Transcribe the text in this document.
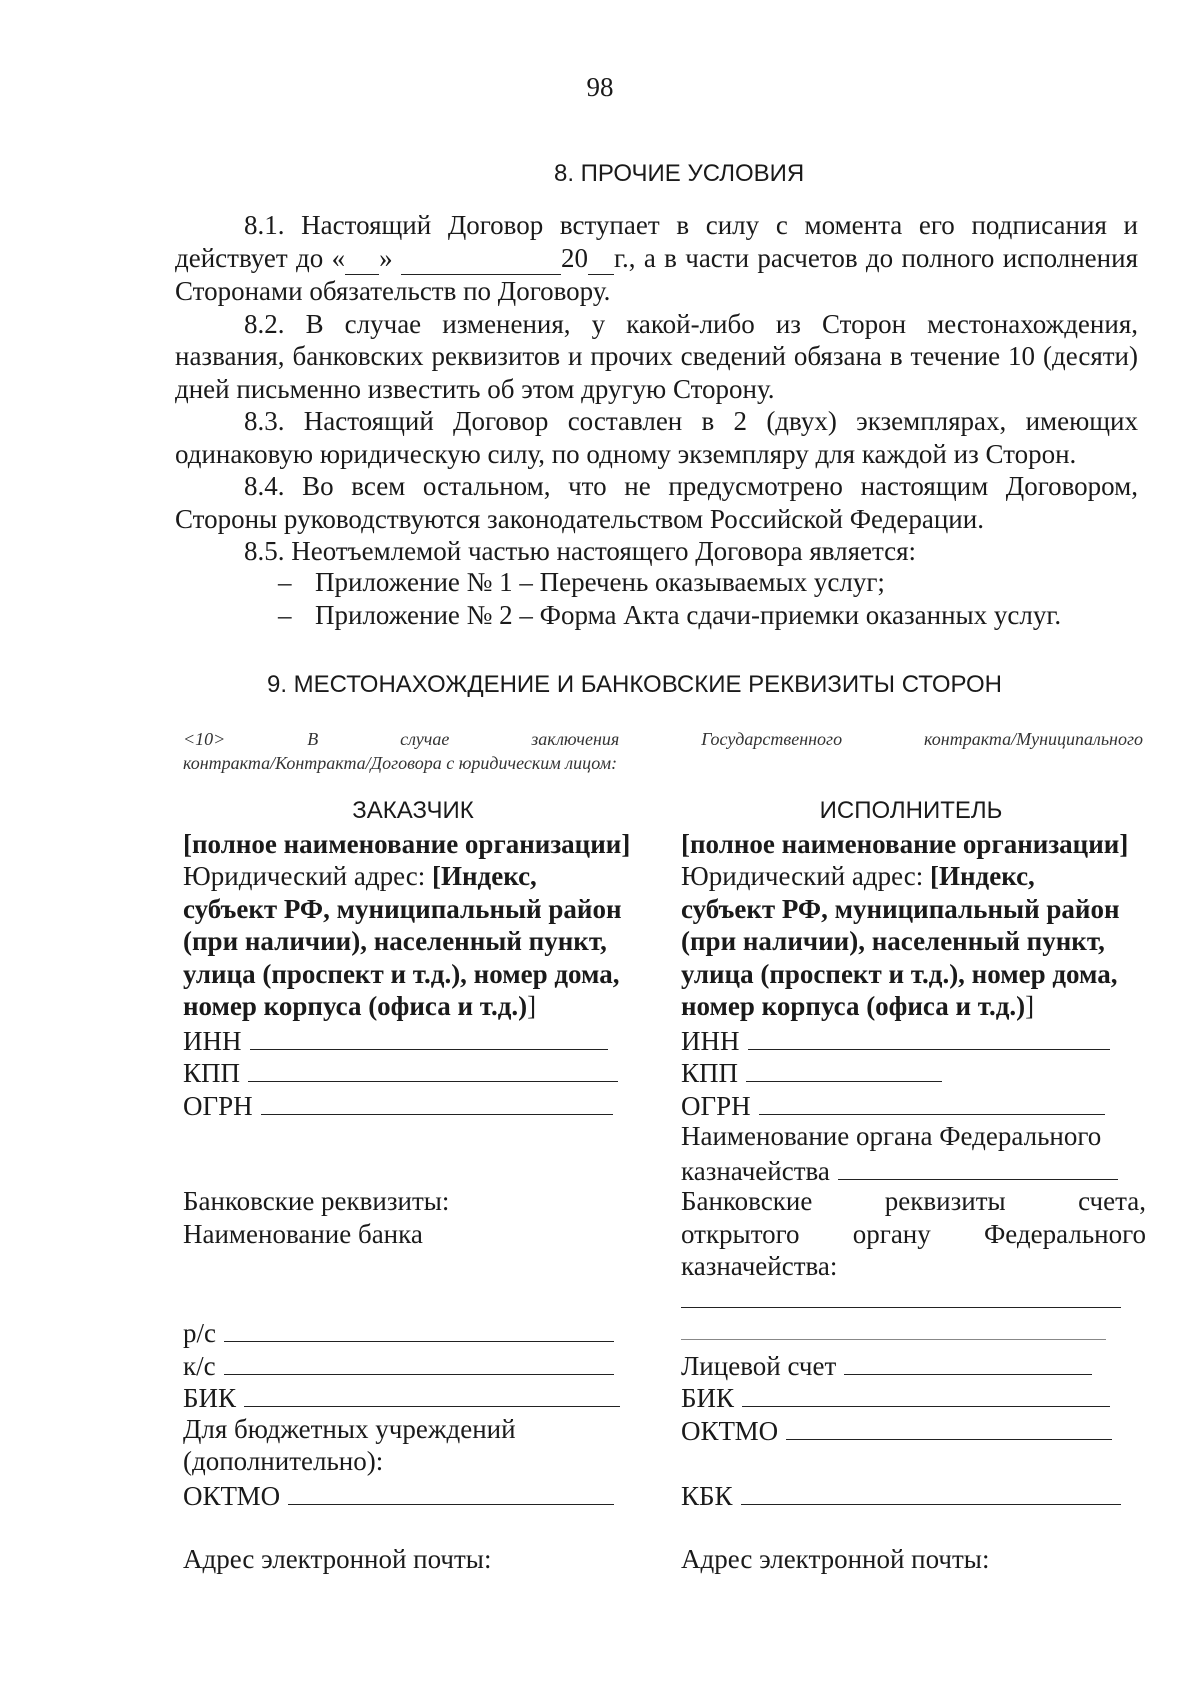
98
8. ПРОЧИЕ УСЛОВИЯ

8.1. Настоящий Договор вступает в силу с момента его подписания и действует до « »	20 г., а в части расчетов до полного исполнения Сторонами обязательств по Договору.

8.2. В случае изменения, у какой-либо из Сторон местонахождения, названия, банковских реквизитов и прочих сведений обязана в течение 10 (десяти) дней письменно известить об этом другую Сторону.

8.3. Настоящий Договор составлен в 2 (двух) экземплярах, имеющих одинаковую юридическую силу, по одному экземпляру для каждой из Сторон.

8.4. Во всем остальном, что не предусмотрено настоящим Договором, Стороны руководствуются законодательством Российской Федерации.

8.5. Неотъемлемой частью настоящего Договора является:

– Приложение № 1 – Перечень оказываемых услуг;
– Приложение № 2 – Форма Акта сдачи-приемки оказанных услуг.
9. МЕСТОНАХОЖДЕНИЕ И БАНКОВСКИЕ РЕКВИЗИТЫ СТОРОН
<10> В случае заключения Государственного контракта/Муниципального
контракта/Контракта/Договора с юридическим лицом:
ЗАКАЗЧИК
[полное наименование организации]
Юридический адрес: [Индекс,
субъект РФ, муниципальный район
(при наличии), населенный пункт,
улица (проспект и т.д.), номер дома,
номер корпуса (офиса и т.д.)]
ИНН
КПП
ОГРН
Банковские реквизиты:
Наименование банка
р/с
к/с
БИК
Для бюджетных учреждений
(дополнительно):
ОКТМО
Адрес электронной почты:
ИСПОЛНИТЕЛЬ
[полное наименование организации]
Юридический адрес: [Индекс,
субъект РФ, муниципальный район
(при наличии), населенный пункт,
улица (проспект и т.д.), номер дома,
номер корпуса (офиса и т.д.)]
ИНН
КПП
ОГРН
Наименование органа Федерального
казначейства
Банковские реквизиты счета,
открытого органу Федерального
казначейства:
Лицевой счет
БИК
ОКТМО
КБК
Адрес электронной почты:
